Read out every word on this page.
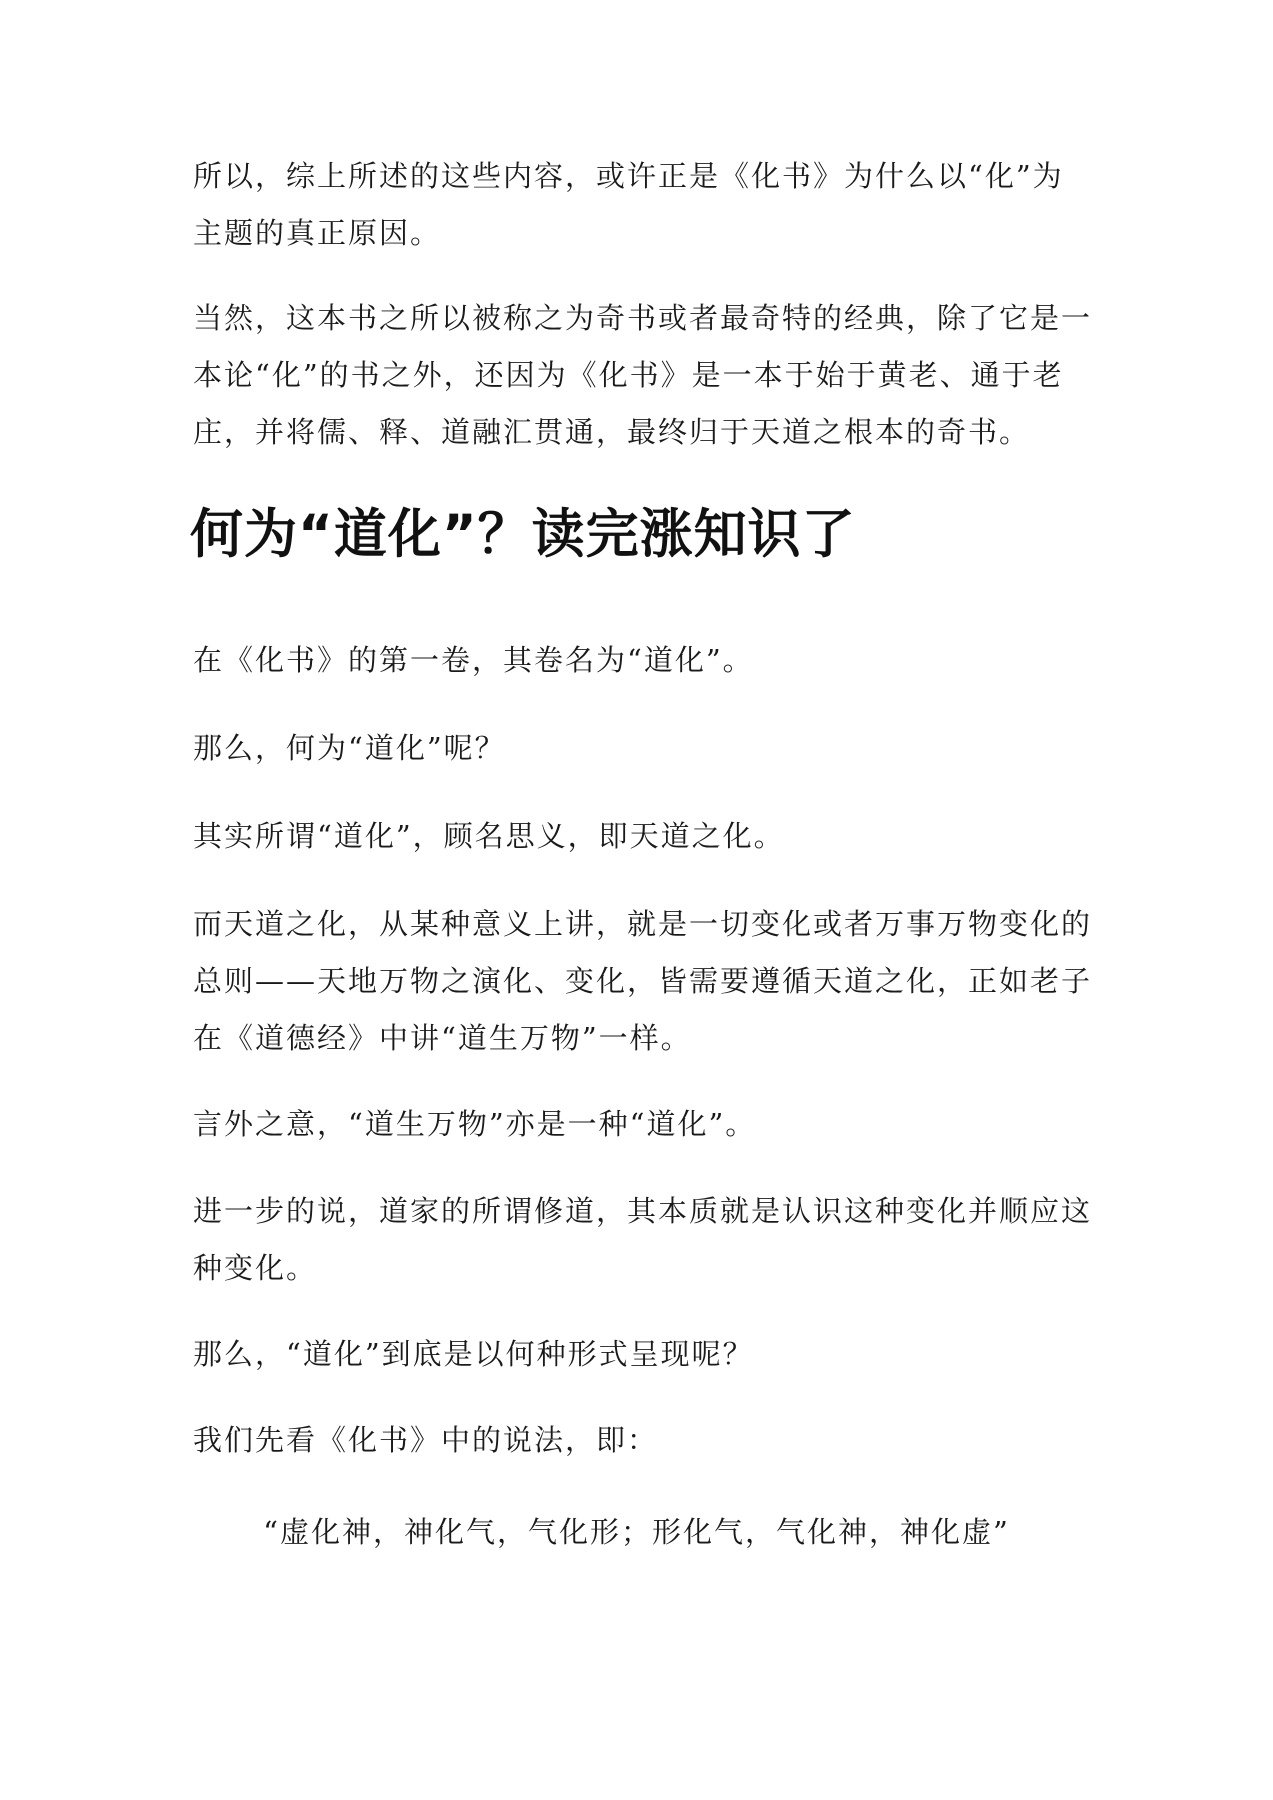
所以，综上所述的这些内容，或许正是《化书》为什么以“化”为
主题的真正原因。

当然，这本书之所以被称之为奇书或者最奇特的经典，除了它是一
本论“化”的书之外，还因为《化书》是一本于始于黄老、通于老
庄，并将儒、释、道融汇贯通，最终归于天道之根本的奇书。

何为“道化”？读完涨知识了

在《化书》的第一卷，其卷名为“道化”。

那么，何为“道化”呢？

其实所谓“道化”，顾名思义，即天道之化。

而天道之化，从某种意义上讲，就是一切变化或者万事万物变化的
总则——天地万物之演化、变化，皆需要遵循天道之化，正如老子
在《道德经》中讲“道生万物”一样。

言外之意，“道生万物”亦是一种“道化”。

进一步的说，道家的所谓修道，其本质就是认识这种变化并顺应这
种变化。

那么，“道化”到底是以何种形式呈现呢？

我们先看《化书》中的说法，即：

“虚化神，神化气，气化形；形化气，气化神，神化虚”
